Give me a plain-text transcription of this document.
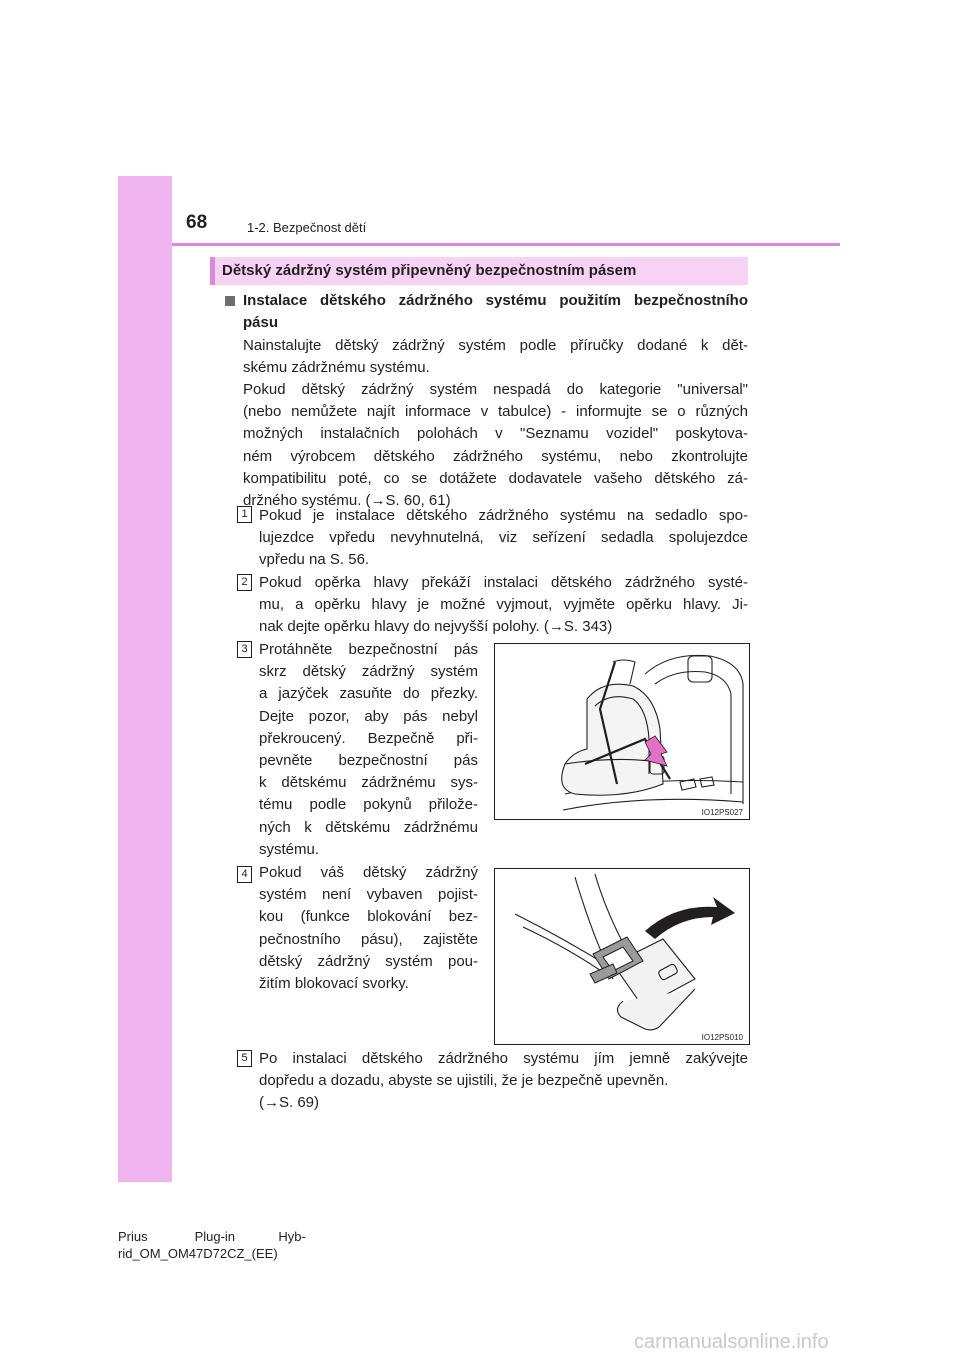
68	1-2. Bezpečnost dětí
Dětský zádržný systém připevněný bezpečnostním pásem
Instalace dětského zádržného systému použitím bezpečnostního
pásu
Nainstalujte dětský zádržný systém podle příručky dodané k dět-
skému zádržnému systému.
Pokud dětský zádržný systém nespadá do kategorie "universal"
(nebo nemůžete najít informace v tabulce) - informujte se o různých
možných instalačních polohách v "Seznamu vozidel" poskytova-
ném výrobcem dětského zádržného systému, nebo zkontrolujte
kompatibilitu poté, co se dotážete dodavatele vašeho dětského zá-
držného systému. (→S. 60, 61)
1 Pokud je instalace dětského zádržného systému na sedadlo spo-
lujezdce vpředu nevyhnutelná, viz seřízení sedadla spolujezdce
vpředu na S. 56.
2 Pokud opěrka hlavy překáží instalaci dětského zádržného systé-
mu, a opěrku hlavy je možné vyjmout, vyjměte opěrku hlavy. Ji-
nak dejte opěrku hlavy do nejvyšší polohy. (→S. 343)
3 Protáhněte bezpečnostní pás
skrz dětský zádržný systém
a jazýček zasuňte do přezky.
Dejte pozor, aby pás nebyl
překroucený. Bezpečně při-
pevněte bezpečnostní pás
k dětskému zádržnému sys-
tému podle pokynů přilože-
ných k dětskému zádržnému
systému.
IO12PS027
4 Pokud váš dětský zádržný
systém není vybaven pojist-
kou (funkce blokování bez-
pečnostního pásu), zajistěte
dětský zádržný systém pou-
žitím blokovací svorky.
IO12PS010
5 Po instalaci dětského zádržného systému jím jemně zakývejte
dopředu a dozadu, abyste se ujistili, že je bezpečně upevněn.
(→S. 69)
Prius             Plug-in            Hyb-
rid_OM_OM47D72CZ_(EE)
carmanualsonline.info
